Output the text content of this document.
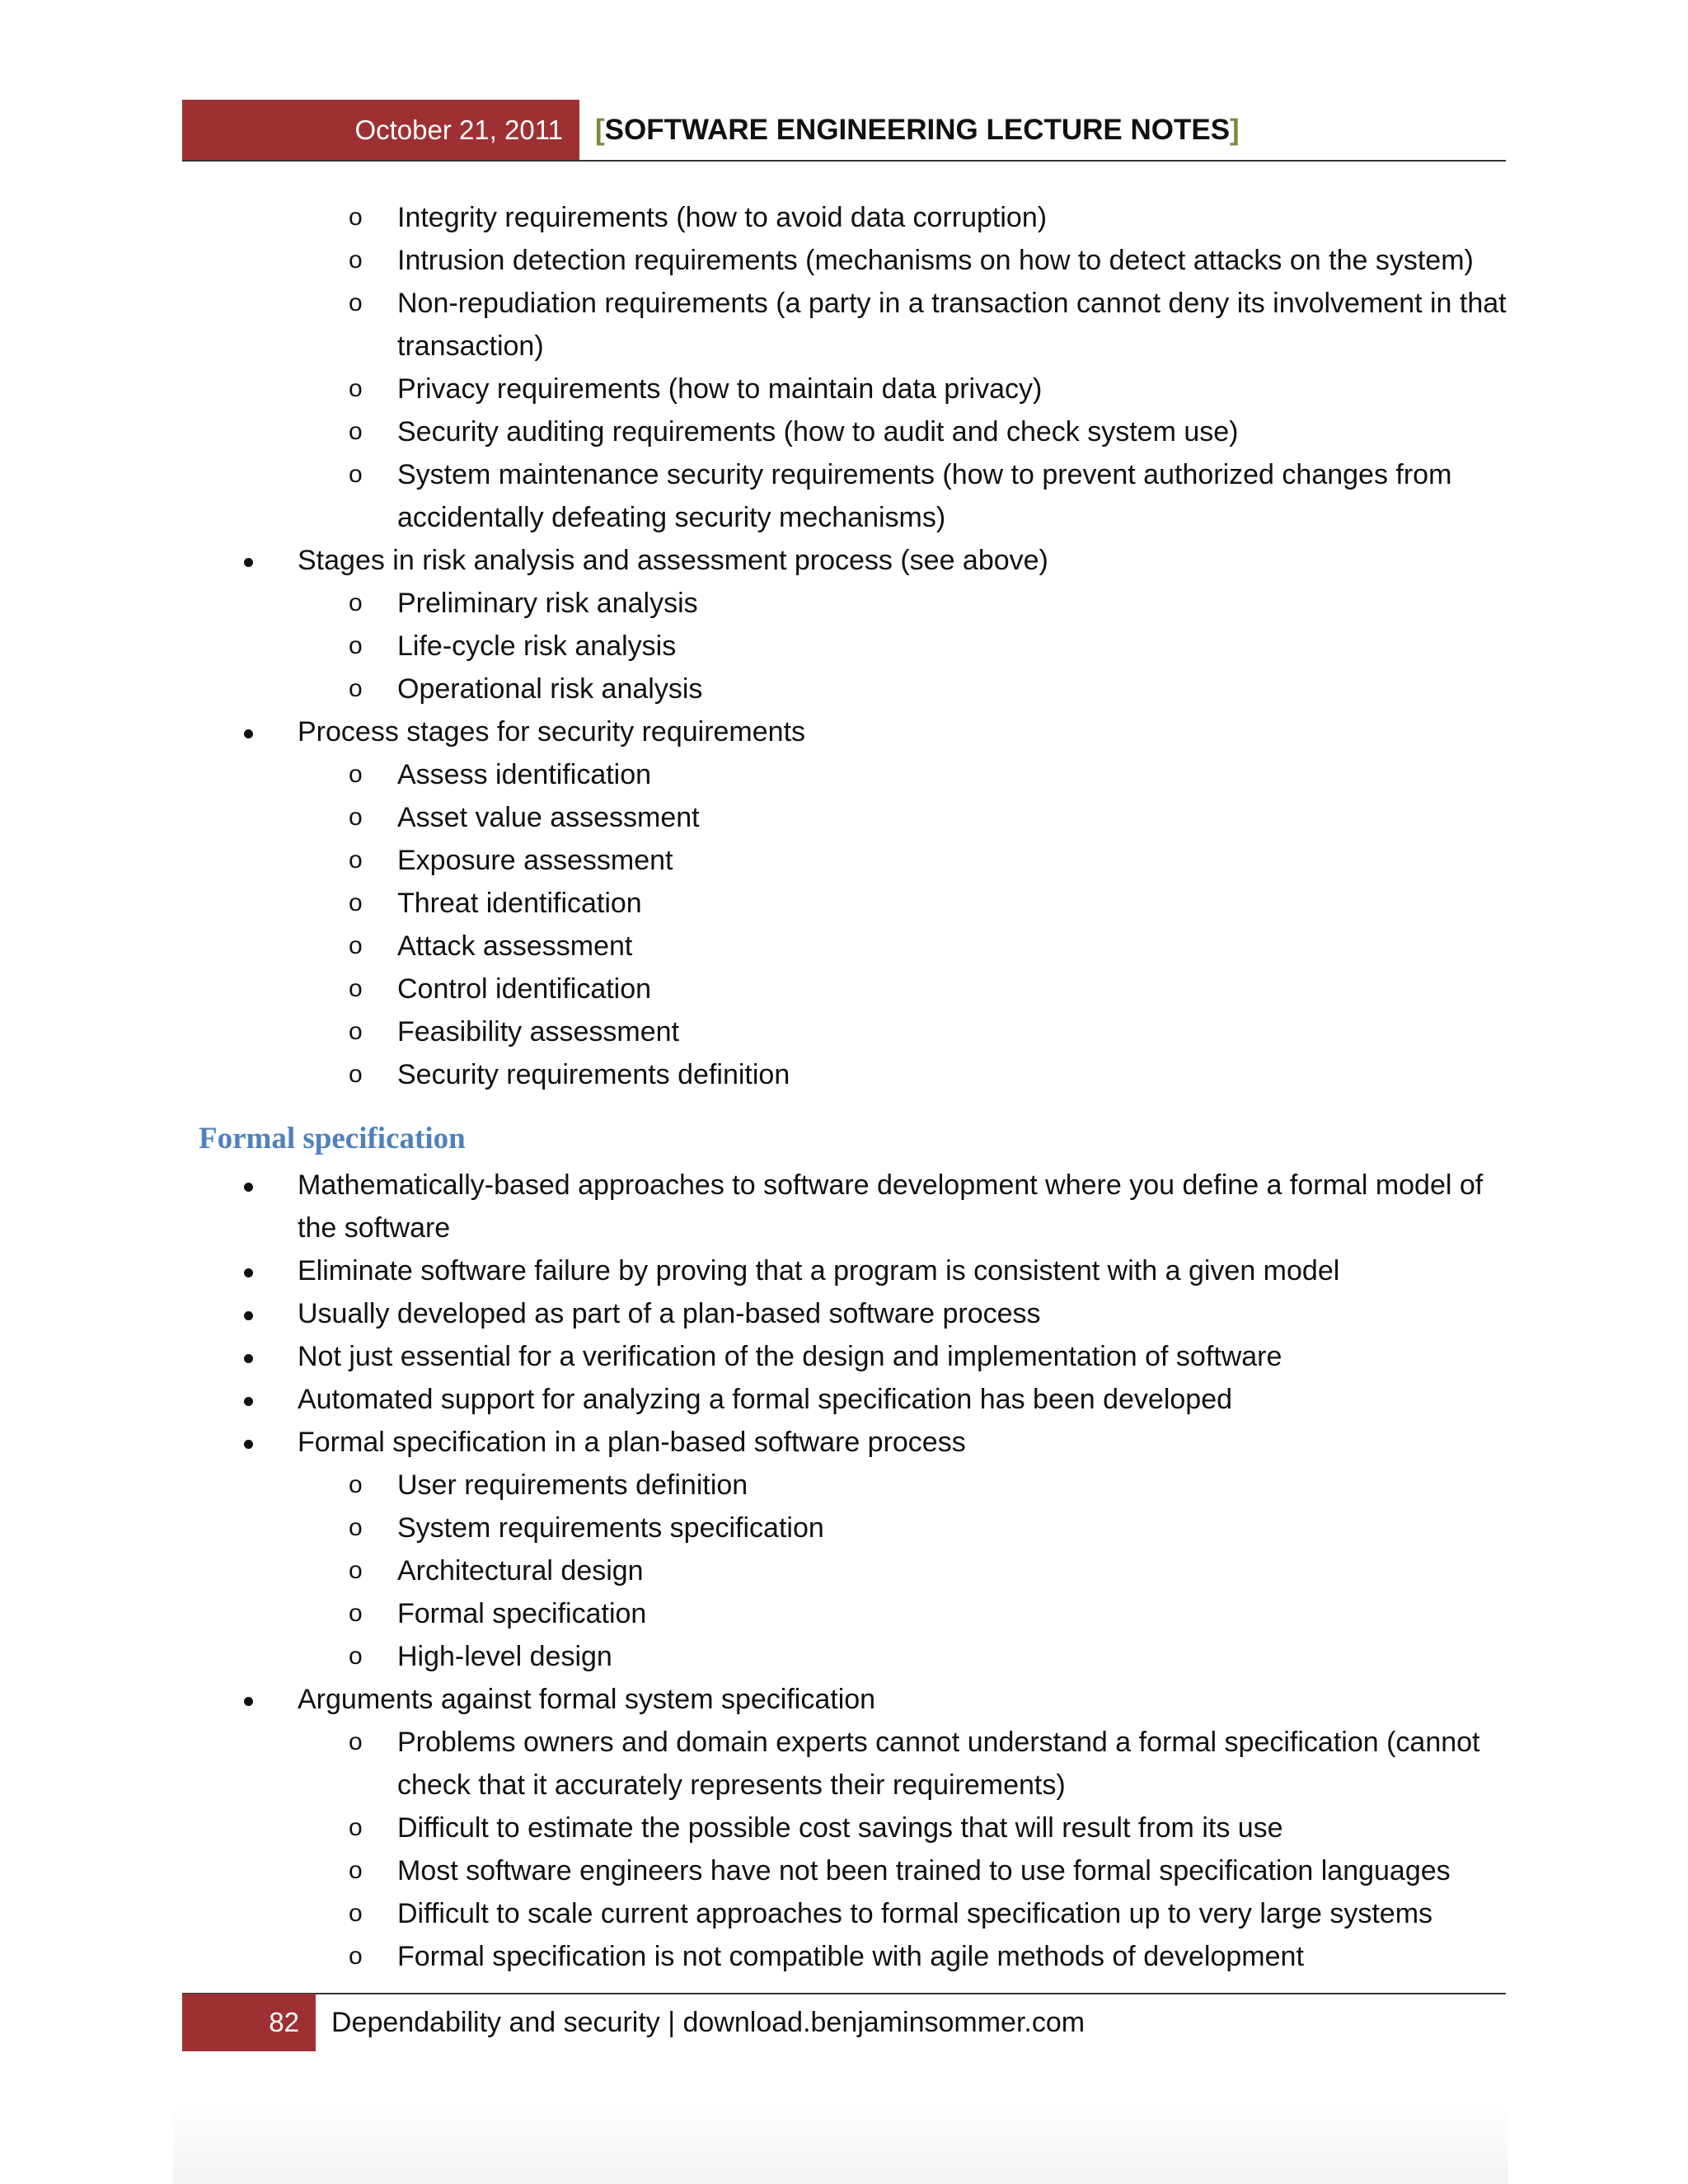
October 21, 2011 [SOFTWARE ENGINEERING LECTURE NOTES]
o Integrity requirements (how to avoid data corruption)
o Intrusion detection requirements (mechanisms on how to detect attacks on the system)
o Non-repudiation requirements (a party in a transaction cannot deny its involvement in that transaction)
o Privacy requirements (how to maintain data privacy)
o Security auditing requirements (how to audit and check system use)
o System maintenance security requirements (how to prevent authorized changes from accidentally defeating security mechanisms)
Stages in risk analysis and assessment process (see above)
o Preliminary risk analysis
o Life-cycle risk analysis
o Operational risk analysis
Process stages for security requirements
o Assess identification
o Asset value assessment
o Exposure assessment
o Threat identification
o Attack assessment
o Control identification
o Feasibility assessment
o Security requirements definition
Formal specification
Mathematically-based approaches to software development where you define a formal model of the software
Eliminate software failure by proving that a program is consistent with a given model
Usually developed as part of a plan-based software process
Not just essential for a verification of the design and implementation of software
Automated support for analyzing a formal specification has been developed
Formal specification in a plan-based software process
o User requirements definition
o System requirements specification
o Architectural design
o Formal specification
o High-level design
Arguments against formal system specification
o Problems owners and domain experts cannot understand a formal specification (cannot check that it accurately represents their requirements)
o Difficult to estimate the possible cost savings that will result from its use
o Most software engineers have not been trained to use formal specification languages
o Difficult to scale current approaches to formal specification up to very large systems
o Formal specification is not compatible with agile methods of development
82 Dependability and security | download.benjaminsommer.com
